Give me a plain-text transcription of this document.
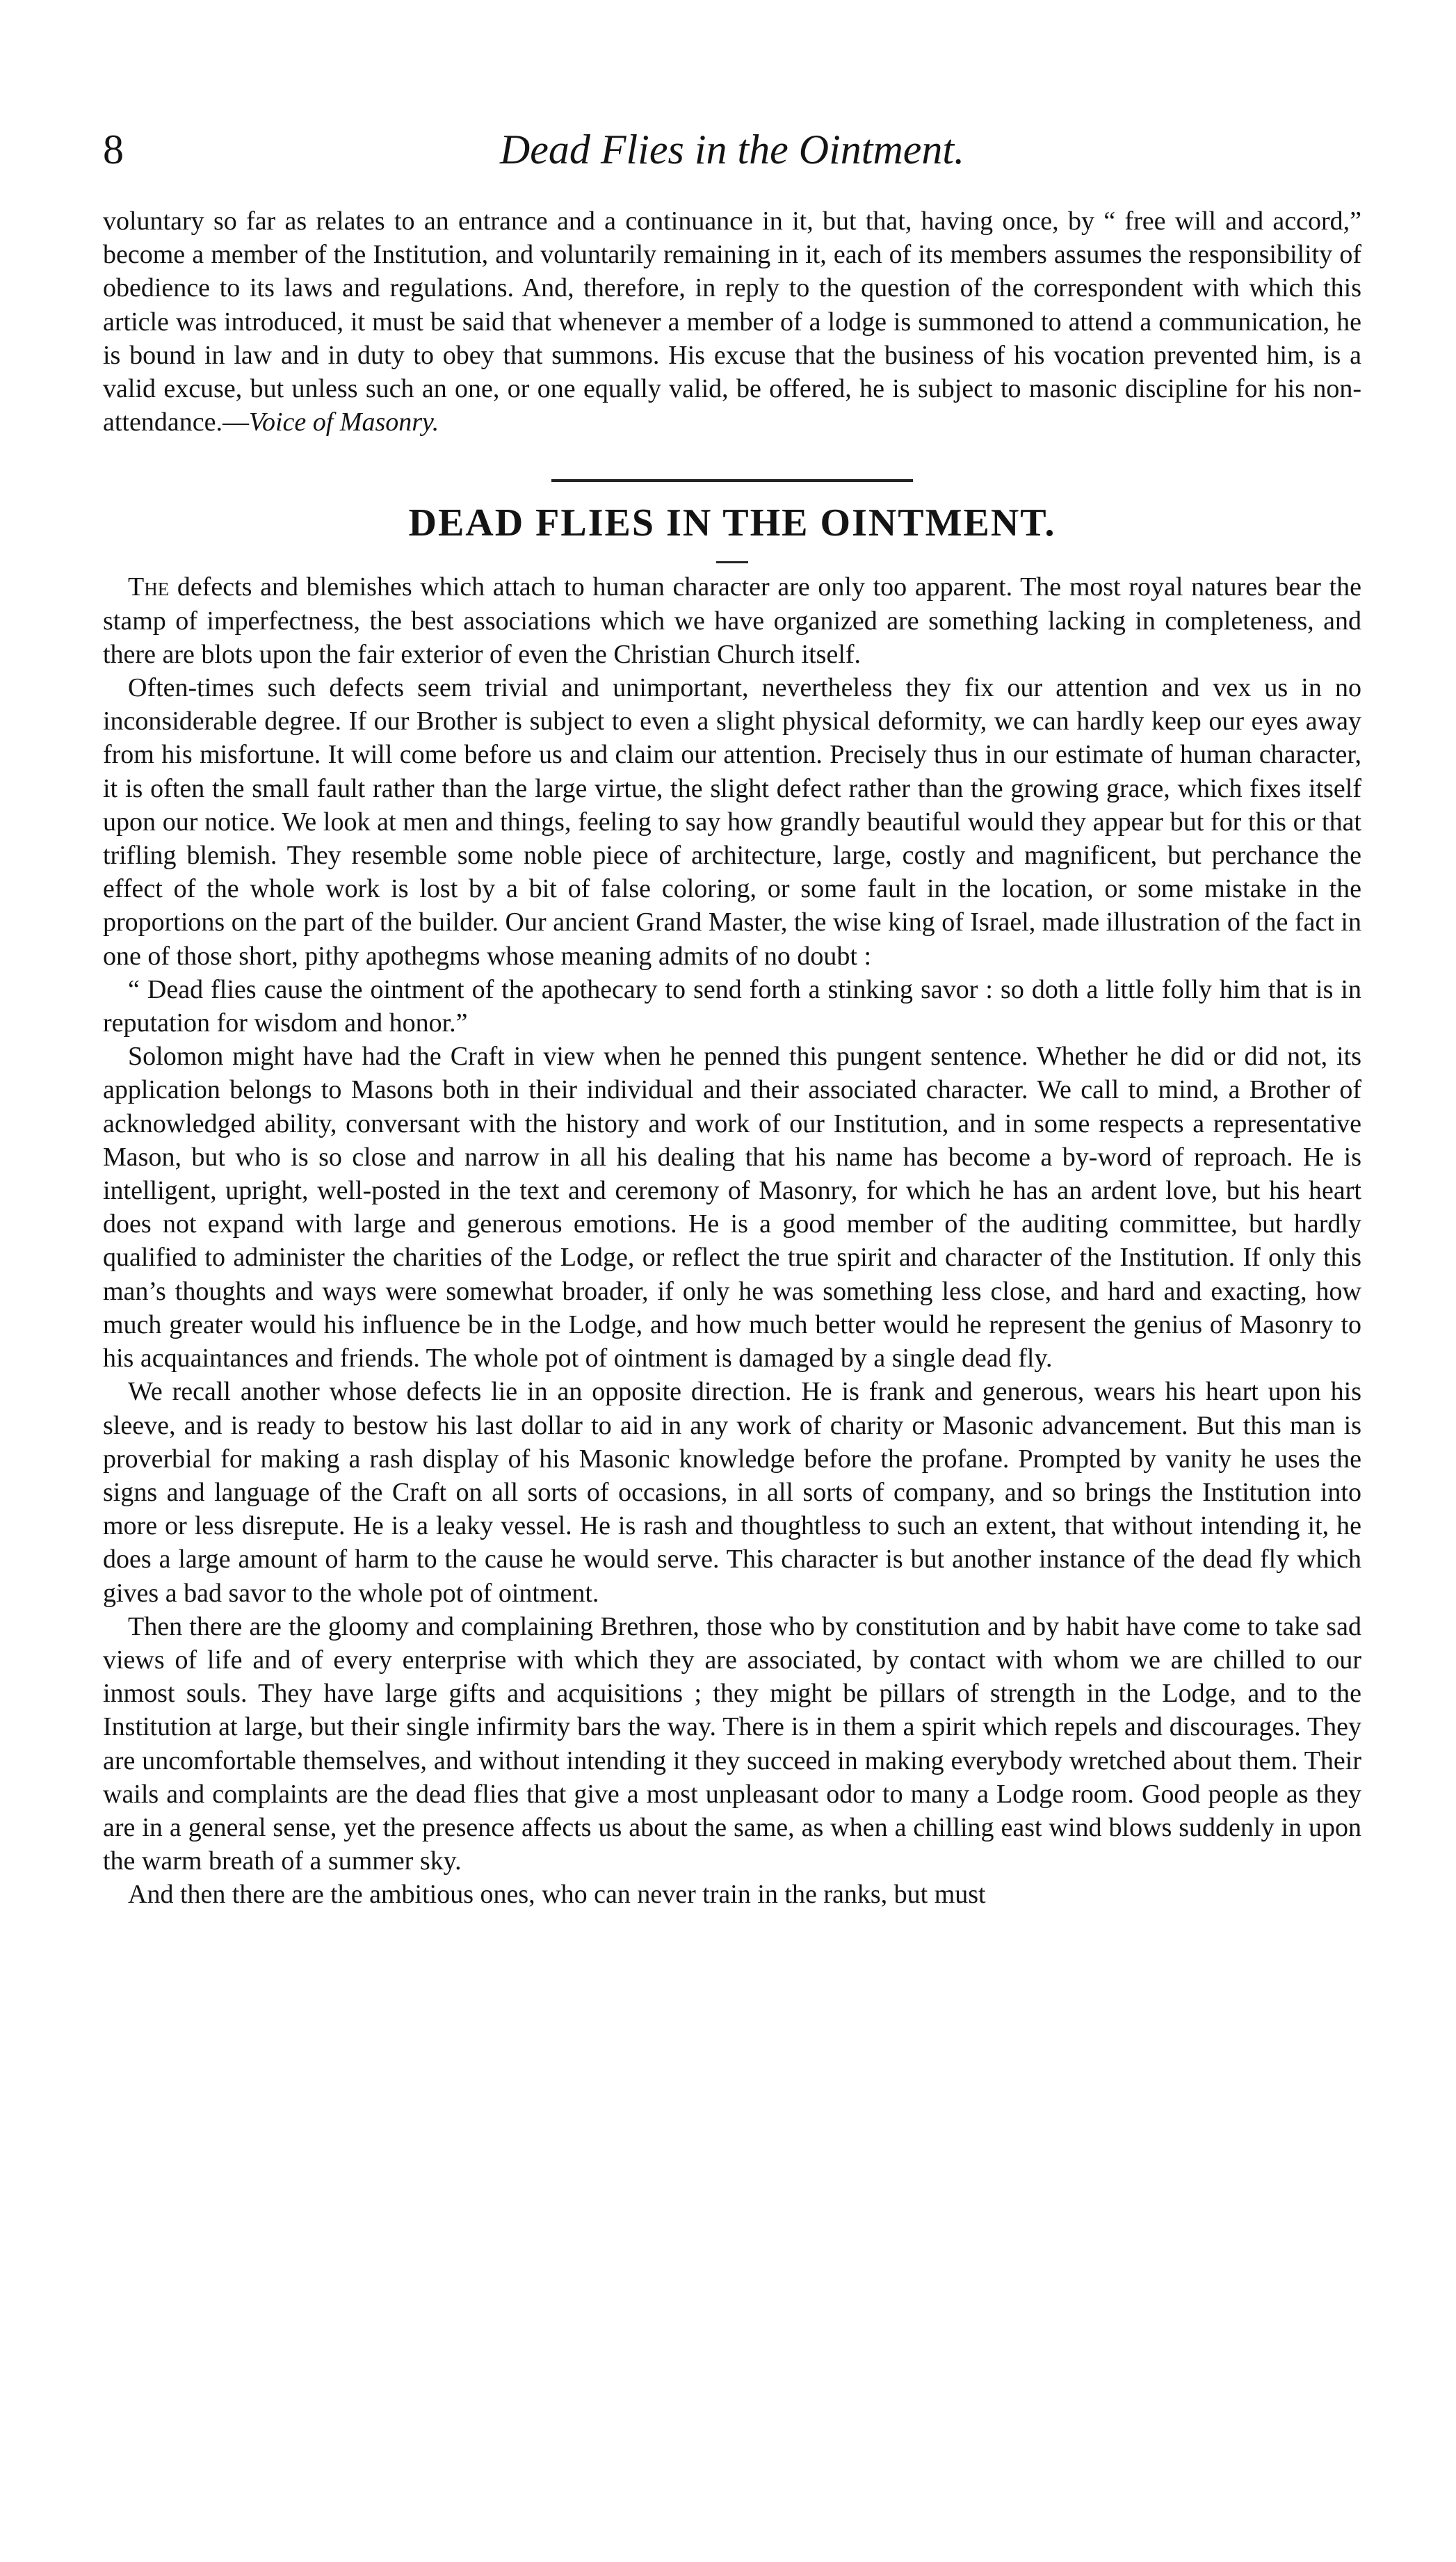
8	Dead Flies in the Ointment.

voluntary so far as relates to an entrance and a continuance in it, but that, having once, by “ free will and accord,” become a member of the Institution, and voluntarily remaining in it, each of its members assumes the responsibility of obedience to its laws and regulations. And, therefore, in reply to the question of the correspondent with which this article was introduced, it must be said that whenever a member of a lodge is summoned to attend a communication, he is bound in law and in duty to obey that summons. His excuse that the business of his vocation prevented him, is a valid excuse, but unless such an one, or one equally valid, be offered, he is subject to masonic discipline for his non-attendance.—Voice of Masonry.

DEAD FLIES IN THE OINTMENT.

The defects and blemishes which attach to human character are only too apparent. The most royal natures bear the stamp of imperfectness, the best associations which we have organized are something lacking in completeness, and there are blots upon the fair exterior of even the Christian Church itself.

Often-times such defects seem trivial and unimportant, nevertheless they fix our attention and vex us in no inconsiderable degree. If our Brother is subject to even a slight physical deformity, we can hardly keep our eyes away from his misfortune. It will come before us and claim our attention. Precisely thus in our estimate of human character, it is often the small fault rather than the large virtue, the slight defect rather than the growing grace, which fixes itself upon our notice. We look at men and things, feeling to say how grandly beautiful would they appear but for this or that trifling blemish. They resemble some noble piece of architecture, large, costly and magnificent, but perchance the effect of the whole work is lost by a bit of false coloring, or some fault in the location, or some mistake in the proportions on the part of the builder. Our ancient Grand Master, the wise king of Israel, made illustration of the fact in one of those short, pithy apothegms whose meaning admits of no doubt :

“ Dead flies cause the ointment of the apothecary to send forth a stinking savor : so doth a little folly him that is in reputation for wisdom and honor.”

Solomon might have had the Craft in view when he penned this pungent sentence. Whether he did or did not, its application belongs to Masons both in their individual and their associated character. We call to mind, a Brother of acknowledged ability, conversant with the history and work of our Institution, and in some respects a representative Mason, but who is so close and narrow in all his dealing that his name has become a by-word of reproach. He is intelligent, upright, well-posted in the text and ceremony of Masonry, for which he has an ardent love, but his heart does not expand with large and generous emotions. He is a good member of the auditing committee, but hardly qualified to administer the charities of the Lodge, or reflect the true spirit and character of the Institution. If only this man’s thoughts and ways were somewhat broader, if only he was something less close, and hard and exacting, how much greater would his influence be in the Lodge, and how much better would he represent the genius of Masonry to his acquaintances and friends. The whole pot of ointment is damaged by a single dead fly.

We recall another whose defects lie in an opposite direction. He is frank and generous, wears his heart upon his sleeve, and is ready to bestow his last dollar to aid in any work of charity or Masonic advancement. But this man is proverbial for making a rash display of his Masonic knowledge before the profane. Prompted by vanity he uses the signs and language of the Craft on all sorts of occasions, in all sorts of company, and so brings the Institution into more or less disrepute. He is a leaky vessel. He is rash and thoughtless to such an extent, that without intending it, he does a large amount of harm to the cause he would serve. This character is but another instance of the dead fly which gives a bad savor to the whole pot of ointment.

Then there are the gloomy and complaining Brethren, those who by constitution and by habit have come to take sad views of life and of every enterprise with which they are associated, by contact with whom we are chilled to our inmost souls. They have large gifts and acquisitions ; they might be pillars of strength in the Lodge, and to the Institution at large, but their single infirmity bars the way. There is in them a spirit which repels and discourages. They are uncomfortable themselves, and without intending it they succeed in making everybody wretched about them. Their wails and complaints are the dead flies that give a most unpleasant odor to many a Lodge room. Good people as they are in a general sense, yet the presence affects us about the same, as when a chilling east wind blows suddenly in upon the warm breath of a summer sky.

And then there are the ambitious ones, who can never train in the ranks, but must
